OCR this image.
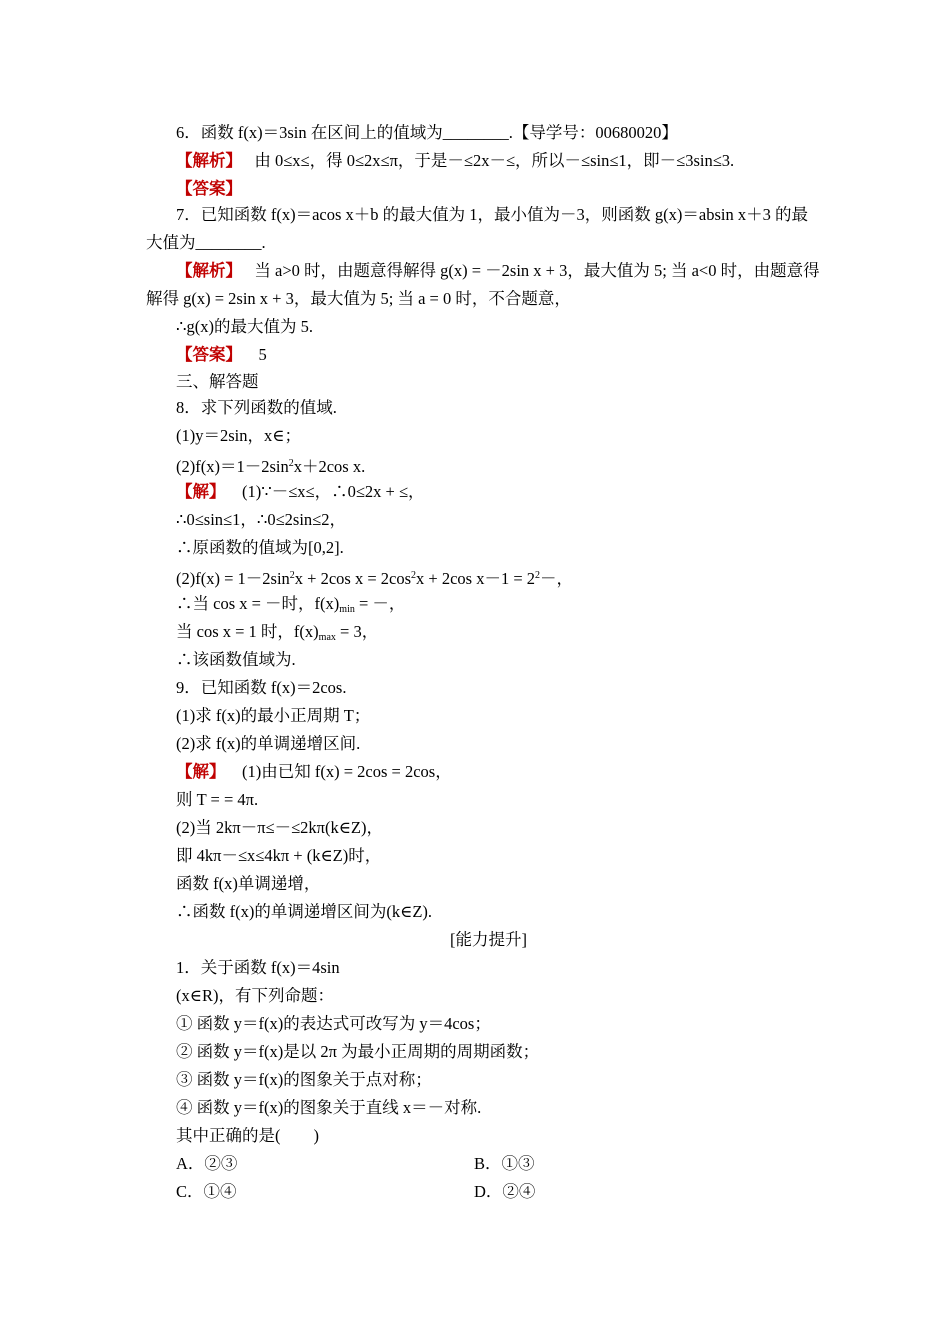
6．函数 f(x)＝3sin 在区间上的值域为________.【导学号：00680020】
【解析】 由 0≤x≤，得 0≤2x≤π，于是－≤2x－≤，所以－≤sin≤1，即－≤3sin≤3.
【答案】
7．已知函数 f(x)＝acos x＋b 的最大值为 1，最小值为－3，则函数 g(x)＝absin x＋3 的最
大值为________.
【解析】 当 a>0 时，由题意得解得 g(x) = －2sin x + 3，最大值为 5; 当 a<0 时，由题意得
解得 g(x) = 2sin x + 3，最大值为 5; 当 a = 0 时，不合题意，
∴g(x)的最大值为 5.
【答案】 5
三、解答题
8．求下列函数的值域.
(1)y＝2sin，x∈；
$(2)f(x)=1-2\sin^2x+2\cos$ x.
【解】 (1)∵－≤x≤，∴0≤2x + ≤，
∴0≤sin≤1，∴0≤2sin≤2，
∴原函数的值域为[0,2].
$(2)f(x) = 1-2\sin^2x + 2\cos$ $x = 2\cos^2x + 2\cos$ $x-1 = 2^2-$，
∴当 cos x = －时，$f(x)_{min}$ = －，
当 cos x = 1 时，$f(x)_{max} = 3$，
∴该函数值域为.
9．已知函数 f(x)＝2cos.
(1)求 f(x)的最小正周期 T；
(2)求 f(x)的单调递增区间.
【解】 (1)由已知 f(x) = 2cos = 2cos，
则 T = = 4π.
(2)当 2kπ－π≤－≤2kπ(k∈Z)，
即 4kπ－≤x≤4kπ + (k∈Z)时，
函数 f(x)单调递增，
∴函数 f(x)的单调递增区间为(k∈Z).
[能力提升]
1．关于函数 f(x)＝4sin
(x∈R)，有下列命题：
① 函数 y＝f(x)的表达式可改写为 y＝4cos；
② 函数 y＝f(x)是以 2π 为最小正周期的周期函数；
③ 函数 y＝f(x)的图象关于点对称；
④ 函数 y＝f(x)的图象关于直线 x＝－对称.
其中正确的是(　　)
A．②③	B．①③
C．①④	D．②④
